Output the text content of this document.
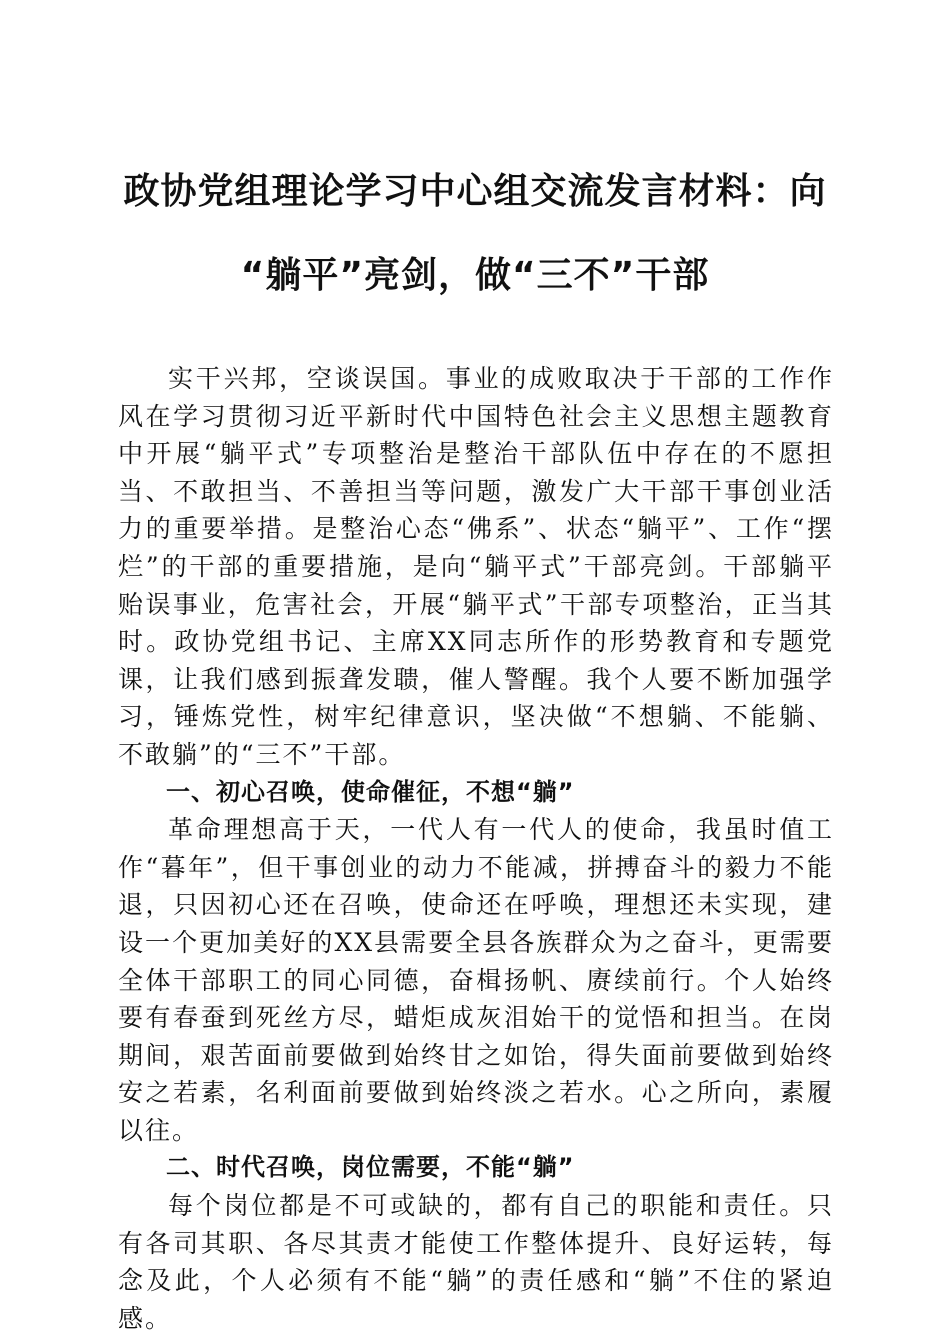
政协党组理论学习中心组交流发言材料：向
“躺平”亮剑，做“三不”干部

实干兴邦，空谈误国。事业的成败取决于干部的工作作风在学习贯彻习近平新时代中国特色社会主义思想主题教育中开展“躺平式”专项整治是整治干部队伍中存在的不愿担当、不敢担当、不善担当等问题，激发广大干部干事创业活力的重要举措。是整治心态“佛系”、状态“躺平”、工作“摆烂”的干部的重要措施，是向“躺平式”干部亮剑。干部躺平贻误事业，危害社会，开展“躺平式”干部专项整治，正当其时。政协党组书记、主席XX同志所作的形势教育和专题党课，让我们感到振聋发聩，催人警醒。我个人要不断加强学习，锤炼党性，树牢纪律意识，坚决做“不想躺、不能躺、不敢躺”的“三不”干部。

一、初心召唤，使命催征，不想“躺”

革命理想高于天，一代人有一代人的使命，我虽时值工作“暮年”，但干事创业的动力不能减，拼搏奋斗的毅力不能退，只因初心还在召唤，使命还在呼唤，理想还未实现，建设一个更加美好的XX县需要全县各族群众为之奋斗，更需要全体干部职工的同心同德，奋楫扬帆、赓续前行。个人始终要有春蚕到死丝方尽，蜡炬成灰泪始干的觉悟和担当。在岗期间，艰苦面前要做到始终甘之如饴，得失面前要做到始终安之若素，名利面前要做到始终淡之若水。心之所向，素履以往。

二、时代召唤，岗位需要，不能“躺”

每个岗位都是不可或缺的，都有自己的职能和责任。只有各司其职、各尽其责才能使工作整体提升、良好运转，每念及此，个人必须有不能“躺”的责任感和“躺”不住的紧迫感。
